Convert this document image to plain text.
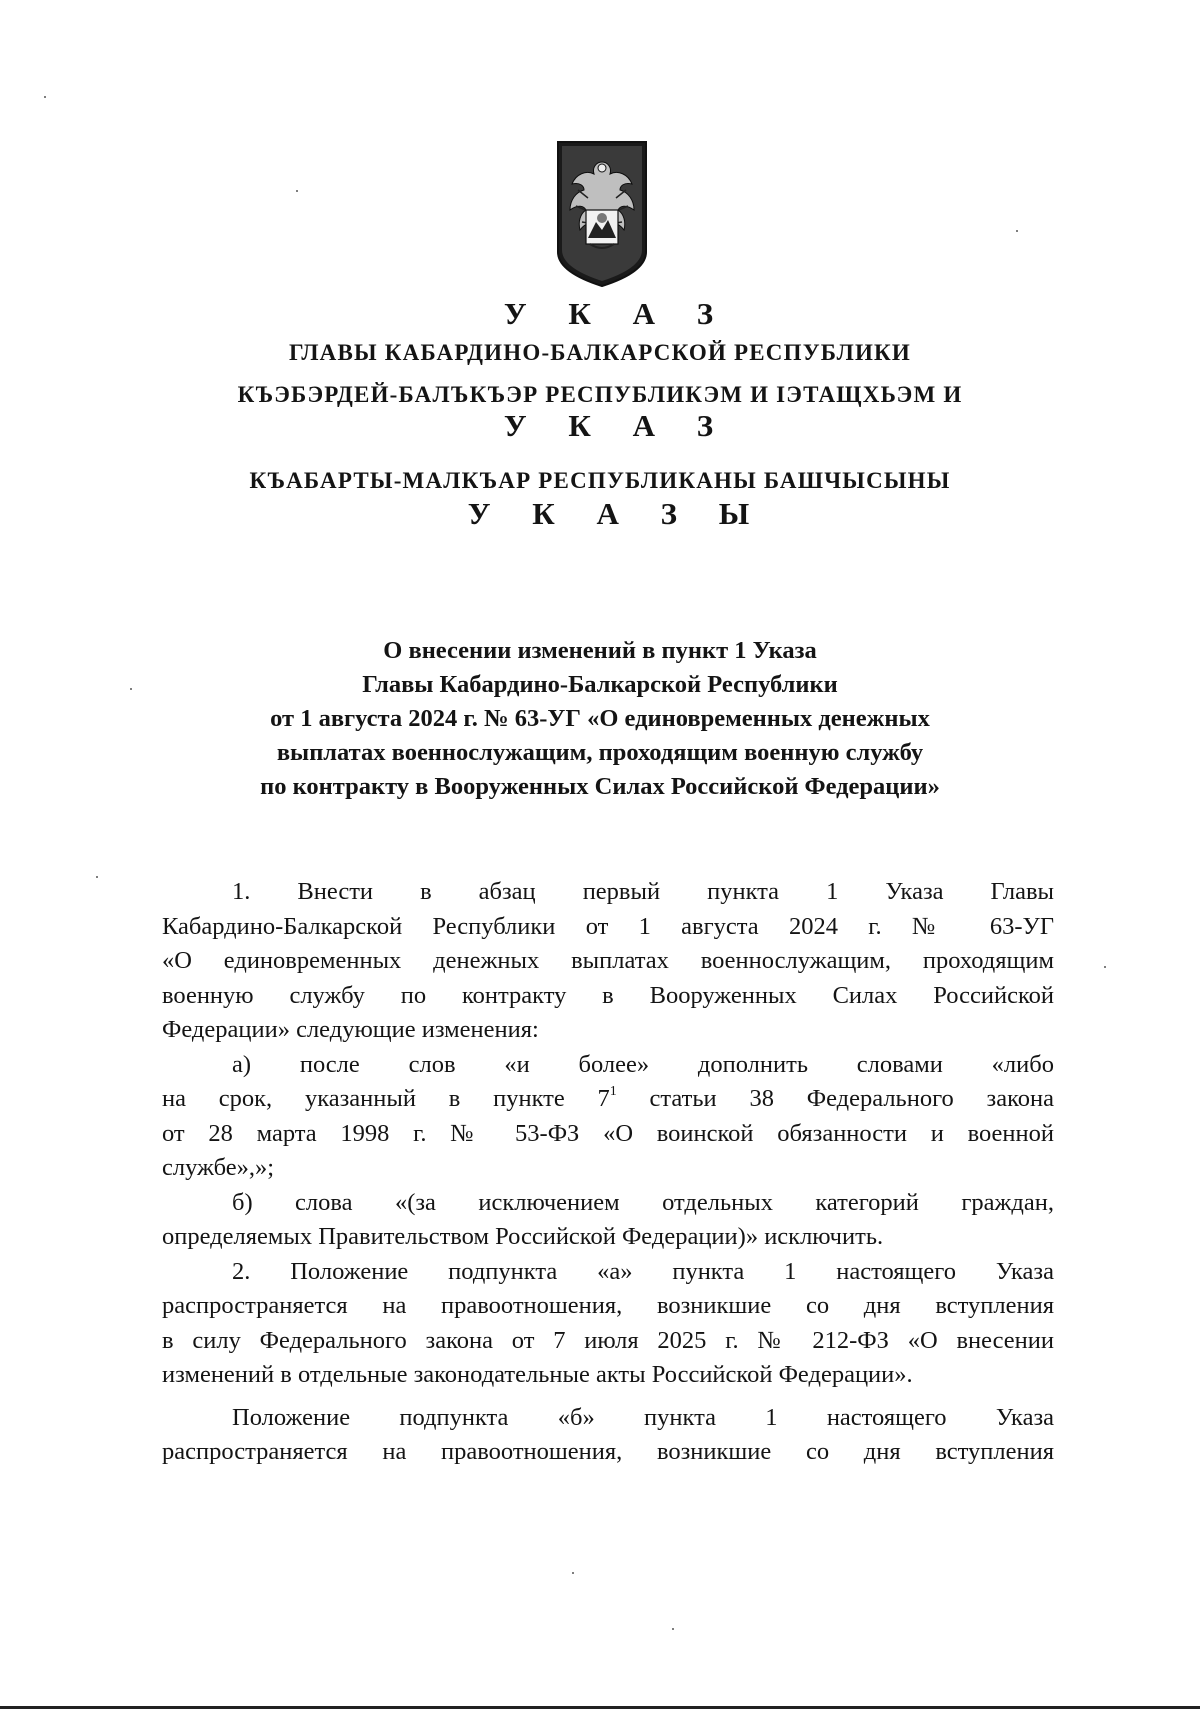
У К А З
ГЛАВЫ КАБАРДИНО-БАЛКАРСКОЙ РЕСПУБЛИКИ
КЪЭБЭРДЕЙ-БАЛЪКЪЭР РЕСПУБЛИКЭМ И ІЭТАЩХЬЭМ И
У К А З
КЪАБАРТЫ-МАЛКЪАР РЕСПУБЛИКАНЫ БАШЧЫСЫНЫ
У К А З Ы
О внесении изменений в пункт 1 Указа
Главы Кабардино-Балкарской Республики
от 1 августа 2024 г. № 63-УГ «О единовременных денежных
выплатах военнослужащим, проходящим военную службу
по контракту в Вооруженных Силах Российской Федерации»

1. Внести в абзац первый пункта 1 Указа Главы

Кабардино-Балкарской Республики от 1 августа 2024 г. № 63-УГ

«О единовременных денежных выплатах военнослужащим, проходящим

военную службу по контракту в Вооруженных Силах Российской

Федерации» следующие изменения:

а) после слов «и более» дополнить словами «либо

на срок, указанный в пункте $7^1$ статьи 38 Федерального закона

от 28 марта 1998 г. № 53-ФЗ «О воинской обязанности и военной

службе»,»;

б) слова «(за исключением отдельных категорий граждан,

определяемых Правительством Российской Федерации)» исключить.

2. Положение подпункта «а» пункта 1 настоящего Указа

распространяется на правоотношения, возникшие со дня вступления

в силу Федерального закона от 7 июля 2025 г. № 212-ФЗ «О внесении

изменений в отдельные законодательные акты Российской Федерации».

Положение подпункта «б» пункта 1 настоящего Указа

распространяется на правоотношения, возникшие со дня вступления
